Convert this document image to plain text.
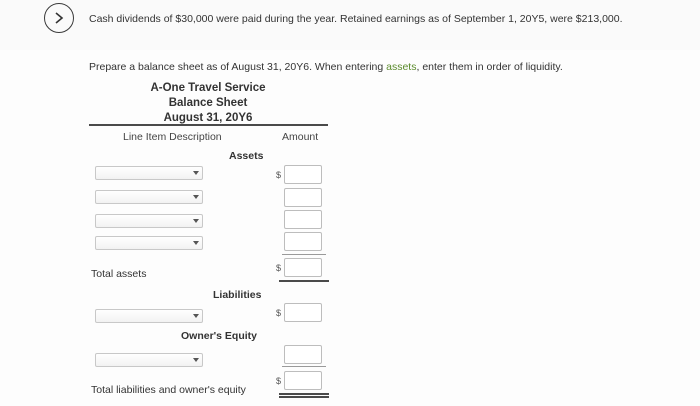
Cash dividends of $30,000 were paid during the year. Retained earnings as of September 1, 20Y5, were $213,000.
Prepare a balance sheet as of August 31, 20Y6. When entering assets, enter them in order of liquidity.
A-One Travel Service
Balance Sheet
August 31, 20Y6
Line Item Description	Amount
Assets
$
Total assets	$
Liabilities
$
Owner's Equity
Total liabilities and owner's equity
$
